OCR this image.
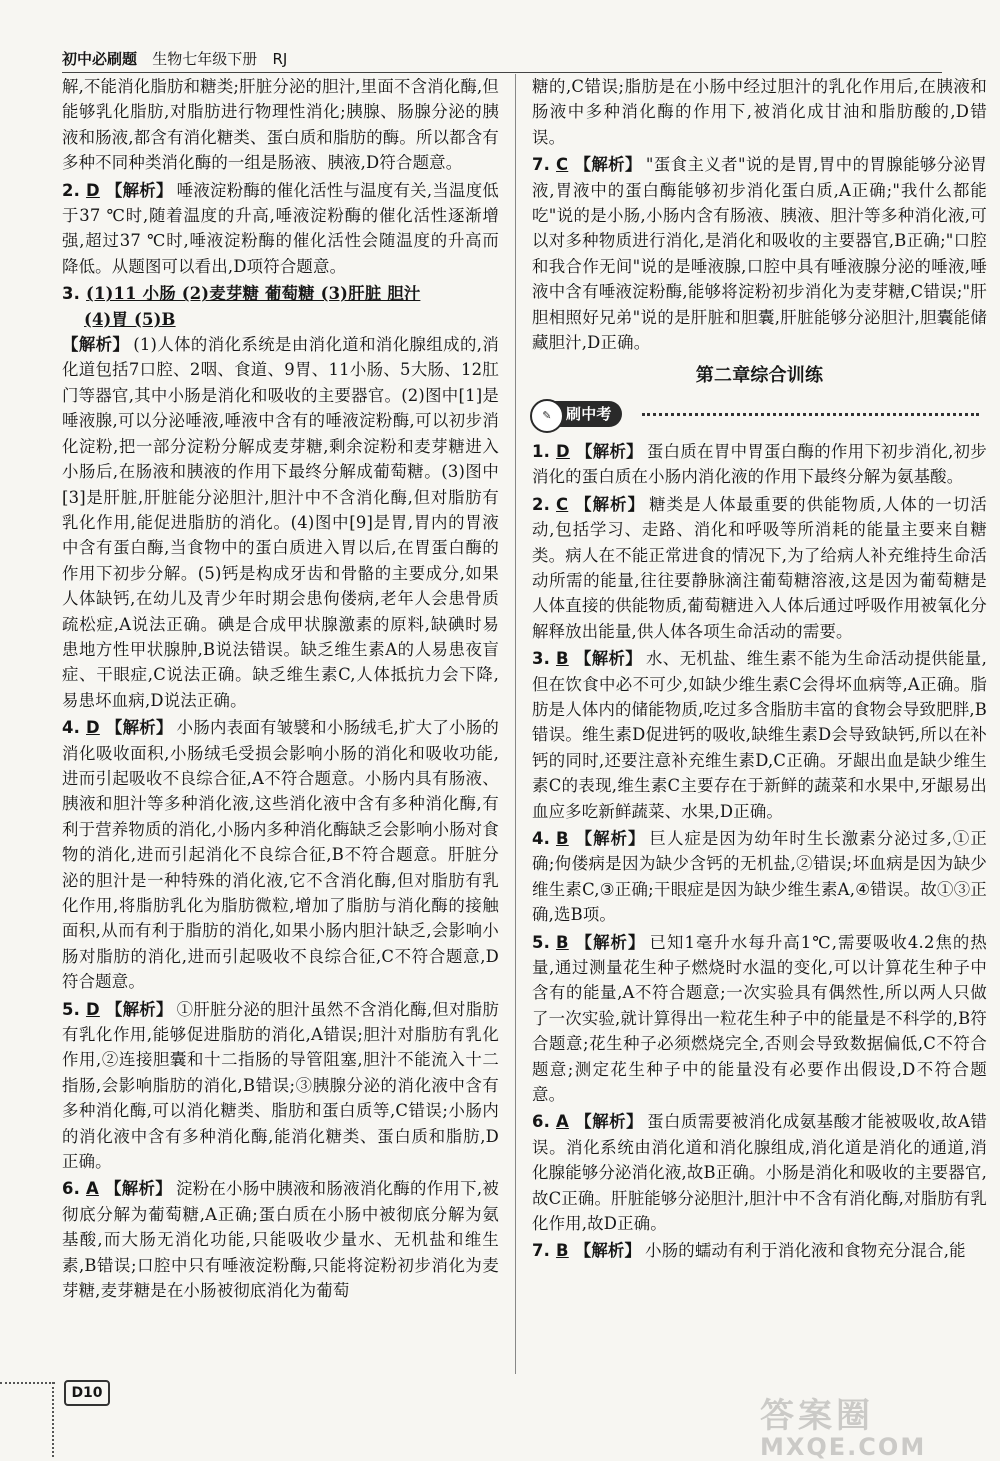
初中必刷题 生物七年级下册 RJ
解,不能消化脂肪和糖类;肝脏分泌的胆汁,里面不含消化酶,但能够乳化脂肪,对脂肪进行物理性消化;胰腺、肠腺分泌的胰液和肠液,都含有消化糖类、蛋白质和脂肪的酶。所以都含有多种不同种类消化酶的一组是肠液、胰液,D符合题意。
2. D 【解析】 唾液淀粉酶的催化活性与温度有关,当温度低于37 ℃时,随着温度的升高,唾液淀粉酶的催化活性逐渐增强,超过37 ℃时,唾液淀粉酶的催化活性会随温度的升高而降低。从题图可以看出,D项符合题意。
3. (1)11 小肠 (2)麦芽糖 葡萄糖 (3)肝脏 胆汁
(4)胃 (5)B
【解析】 (1)人体的消化系统是由消化道和消化腺组成的,消化道包括7口腔、2咽、食道、9胃、11小肠、5大肠、12肛门等器官,其中小肠是消化和吸收的主要器官。(2)图中[1]是唾液腺,可以分泌唾液,唾液中含有的唾液淀粉酶,可以初步消化淀粉,把一部分淀粉分解成麦芽糖,剩余淀粉和麦芽糖进入小肠后,在肠液和胰液的作用下最终分解成葡萄糖。(3)图中[3]是肝脏,肝脏能分泌胆汁,胆汁中不含消化酶,但对脂肪有乳化作用,能促进脂肪的消化。(4)图中[9]是胃,胃内的胃液中含有蛋白酶,当食物中的蛋白质进入胃以后,在胃蛋白酶的作用下初步分解。(5)钙是构成牙齿和骨骼的主要成分,如果人体缺钙,在幼儿及青少年时期会患佝偻病,老年人会患骨质疏松症,A说法正确。碘是合成甲状腺激素的原料,缺碘时易患地方性甲状腺肿,B说法错误。缺乏维生素A的人易患夜盲症、干眼症,C说法正确。缺乏维生素C,人体抵抗力会下降,易患坏血病,D说法正确。
4. D 【解析】 小肠内表面有皱襞和小肠绒毛,扩大了小肠的消化吸收面积,小肠绒毛受损会影响小肠的消化和吸收功能,进而引起吸收不良综合征,A不符合题意。小肠内具有肠液、胰液和胆汁等多种消化液,这些消化液中含有多种消化酶,有利于营养物质的消化,小肠内多种消化酶缺乏会影响小肠对食物的消化,进而引起消化不良综合征,B不符合题意。肝脏分泌的胆汁是一种特殊的消化液,它不含消化酶,但对脂肪有乳化作用,将脂肪乳化为脂肪微粒,增加了脂肪与消化酶的接触面积,从而有利于脂肪的消化,如果小肠内胆汁缺乏,会影响小肠对脂肪的消化,进而引起吸收不良综合征,C不符合题意,D符合题意。
5. D 【解析】 ①肝脏分泌的胆汁虽然不含消化酶,但对脂肪有乳化作用,能够促进脂肪的消化,A错误;胆汁对脂肪有乳化作用,②连接胆囊和十二指肠的导管阻塞,胆汁不能流入十二指肠,会影响脂肪的消化,B错误;③胰腺分泌的消化液中含有多种消化酶,可以消化糖类、脂肪和蛋白质等,C错误;小肠内的消化液中含有多种消化酶,能消化糖类、蛋白质和脂肪,D正确。
6. A 【解析】 淀粉在小肠中胰液和肠液消化酶的作用下,被彻底分解为葡萄糖,A正确;蛋白质在小肠中被彻底分解为氨基酸,而大肠无消化功能,只能吸收少量水、无机盐和维生素,B错误;口腔中只有唾液淀粉酶,只能将淀粉初步消化为麦芽糖,麦芽糖是在小肠被彻底消化为葡萄
糖的,C错误;脂肪是在小肠中经过胆汁的乳化作用后,在胰液和肠液中多种消化酶的作用下,被消化成甘油和脂肪酸的,D错误。
7. C 【解析】 "蛋食主义者"说的是胃,胃中的胃腺能够分泌胃液,胃液中的蛋白酶能够初步消化蛋白质,A正确;"我什么都能吃"说的是小肠,小肠内含有肠液、胰液、胆汁等多种消化液,可以对多种物质进行消化,是消化和吸收的主要器官,B正确;"口腔和我合作无间"说的是唾液腺,口腔中具有唾液腺分泌的唾液,唾液中含有唾液淀粉酶,能够将淀粉初步消化为麦芽糖,C错误;"肝胆相照好兄弟"说的是肝脏和胆囊,肝脏能够分泌胆汁,胆囊能储藏胆汁,D正确。
第二章综合训练
✎ 刷中考
1. D 【解析】 蛋白质在胃中胃蛋白酶的作用下初步消化,初步消化的蛋白质在小肠内消化液的作用下最终分解为氨基酸。
2. C 【解析】 糖类是人体最重要的供能物质,人体的一切活动,包括学习、走路、消化和呼吸等所消耗的能量主要来自糖类。病人在不能正常进食的情况下,为了给病人补充维持生命活动所需的能量,往往要静脉滴注葡萄糖溶液,这是因为葡萄糖是人体直接的供能物质,葡萄糖进入人体后通过呼吸作用被氧化分解释放出能量,供人体各项生命活动的需要。
3. B 【解析】 水、无机盐、维生素不能为生命活动提供能量,但在饮食中必不可少,如缺少维生素C会得坏血病等,A正确。脂肪是人体内的储能物质,吃过多含脂肪丰富的食物会导致肥胖,B错误。维生素D促进钙的吸收,缺维生素D会导致缺钙,所以在补钙的同时,还要注意补充维生素D,C正确。牙龈出血是缺少维生素C的表现,维生素C主要存在于新鲜的蔬菜和水果中,牙龈易出血应多吃新鲜蔬菜、水果,D正确。
4. B 【解析】 巨人症是因为幼年时生长激素分泌过多,①正确;佝偻病是因为缺少含钙的无机盐,②错误;坏血病是因为缺少维生素C,③正确;干眼症是因为缺少维生素A,④错误。故①③正确,选B项。
5. B 【解析】 已知1毫升水每升高1℃,需要吸收4.2焦的热量,通过测量花生种子燃烧时水温的变化,可以计算花生种子中含有的能量,A不符合题意;一次实验具有偶然性,所以两人只做了一次实验,就计算得出一粒花生种子中的能量是不科学的,B符合题意;花生种子必须燃烧完全,否则会导致数据偏低,C不符合题意;测定花生种子中的能量没有必要作出假设,D不符合题意。
6. A 【解析】 蛋白质需要被消化成氨基酸才能被吸收,故A错误。消化系统由消化道和消化腺组成,消化道是消化的通道,消化腺能够分泌消化液,故B正确。小肠是消化和吸收的主要器官,故C正确。肝脏能够分泌胆汁,胆汁中不含有消化酶,对脂肪有乳化作用,故D正确。
7. B 【解析】 小肠的蠕动有利于消化液和食物充分混合,能
D10
答案圈
MXQE.COM
